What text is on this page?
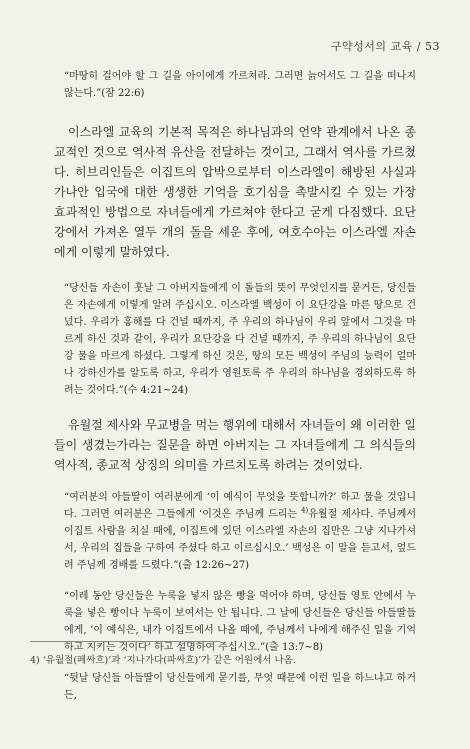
구약성서의 교육 / 53

“마땅히 걸어야 할 그 길을 아이에게 가르쳐라. 그러면 늙어서도 그 길을 떠나지 않는다.”(잠 22:6)

이스라엘 교육의 기본적 목적은 하나님과의 언약 관계에서 나온 종교적인 것으로 역사적 유산을 전달하는 것이고, 그래서 역사를 가르쳤다. 히브리인들은 이집트의 압박으로부터 이스라엘이 해방된 사실과 가나안 입국에 대한 생생한 기억을 호기심을 촉발시킬 수 있는 가장 효과적인 방법으로 자녀들에게 가르쳐야 한다고 굳게 다짐했다. 요단강에서 가져온 열두 개의 돌을 세운 후에, 여호수아는 이스라엘 자손에게 이렇게 말하였다.

“당신들 자손이 훗날 그 아버지들에게 이 돌들의 뜻이 무엇인지를 묻거든, 당신들은 자손에게 이렇게 알려 주십시오. 이스라엘 백성이 이 요단강을 마른 땅으로 건넜다. 우리가 홍해를 다 건널 때까지, 주 우리의 하나님이 우리 앞에서 그것을 마르게 하신 것과 같이, 우리가 요단강을 다 건널 때까지, 주 우리의 하나님이 요단 강 물을 마르게 하셨다. 그렇게 하신 것은, 땅의 모든 백성이 주님의 능력이 얼마나 강하신가를 알도록 하고, 우리가 영원토록 주 우리의 하나님을 경외하도록 하려는 것이다.”(수 4:21~24)

유월절 제사와 무교병을 먹는 행위에 대해서 자녀들이 왜 이러한 일들이 생겼는가라는 질문을 하면 아버지는 그 자녀들에게 그 의식들의 역사적, 종교적 상징의 의미를 가르치도록 하려는 것이었다.

“여러분의 아들딸이 여러분에게 ‘이 예식이 무엇을 뜻합니까?’ 하고 물을 것입니다. 그러면 여러분은 그들에게 ‘이것은 주님께 드리는 $^{4)}$유월절 제사다. 주님께서 이집트 사람을 치실 때에, 이집트에 있던 이스라엘 자손의 집만은 그냥 지나가셔서, 우리의 집들을 구하여 주셨다 하고 이르십시오.’ 백성은 이 말을 듣고서, 엎드려 주님께 경배를 드렸다.”(출 12:26~27)

“이레 동안 당신들은 누룩을 넣지 않은 빵을 먹어야 하며, 당신들 영토 안에서 누룩을 넣은 빵이나 누룩이 보여서는 안 됩니다. 그 날에 당신들은 당신들 아들딸들에게, ‘이 예식은, 내가 이집트에서 나올 때에, 주님께서 나에게 해주신 일을 기억하고 지키는 것이다’ 하고 설명하여 주십시오.”(출 13:7~8)

“뒷날 당신들 아들딸이 당신들에게 묻기를, 무엇 때문에 이런 일을 하느냐고 하거든,

4) ‘유월절(페싸흐)’과 ‘지나가다(파싸흐)’가 같은 어원에서 나옴.
